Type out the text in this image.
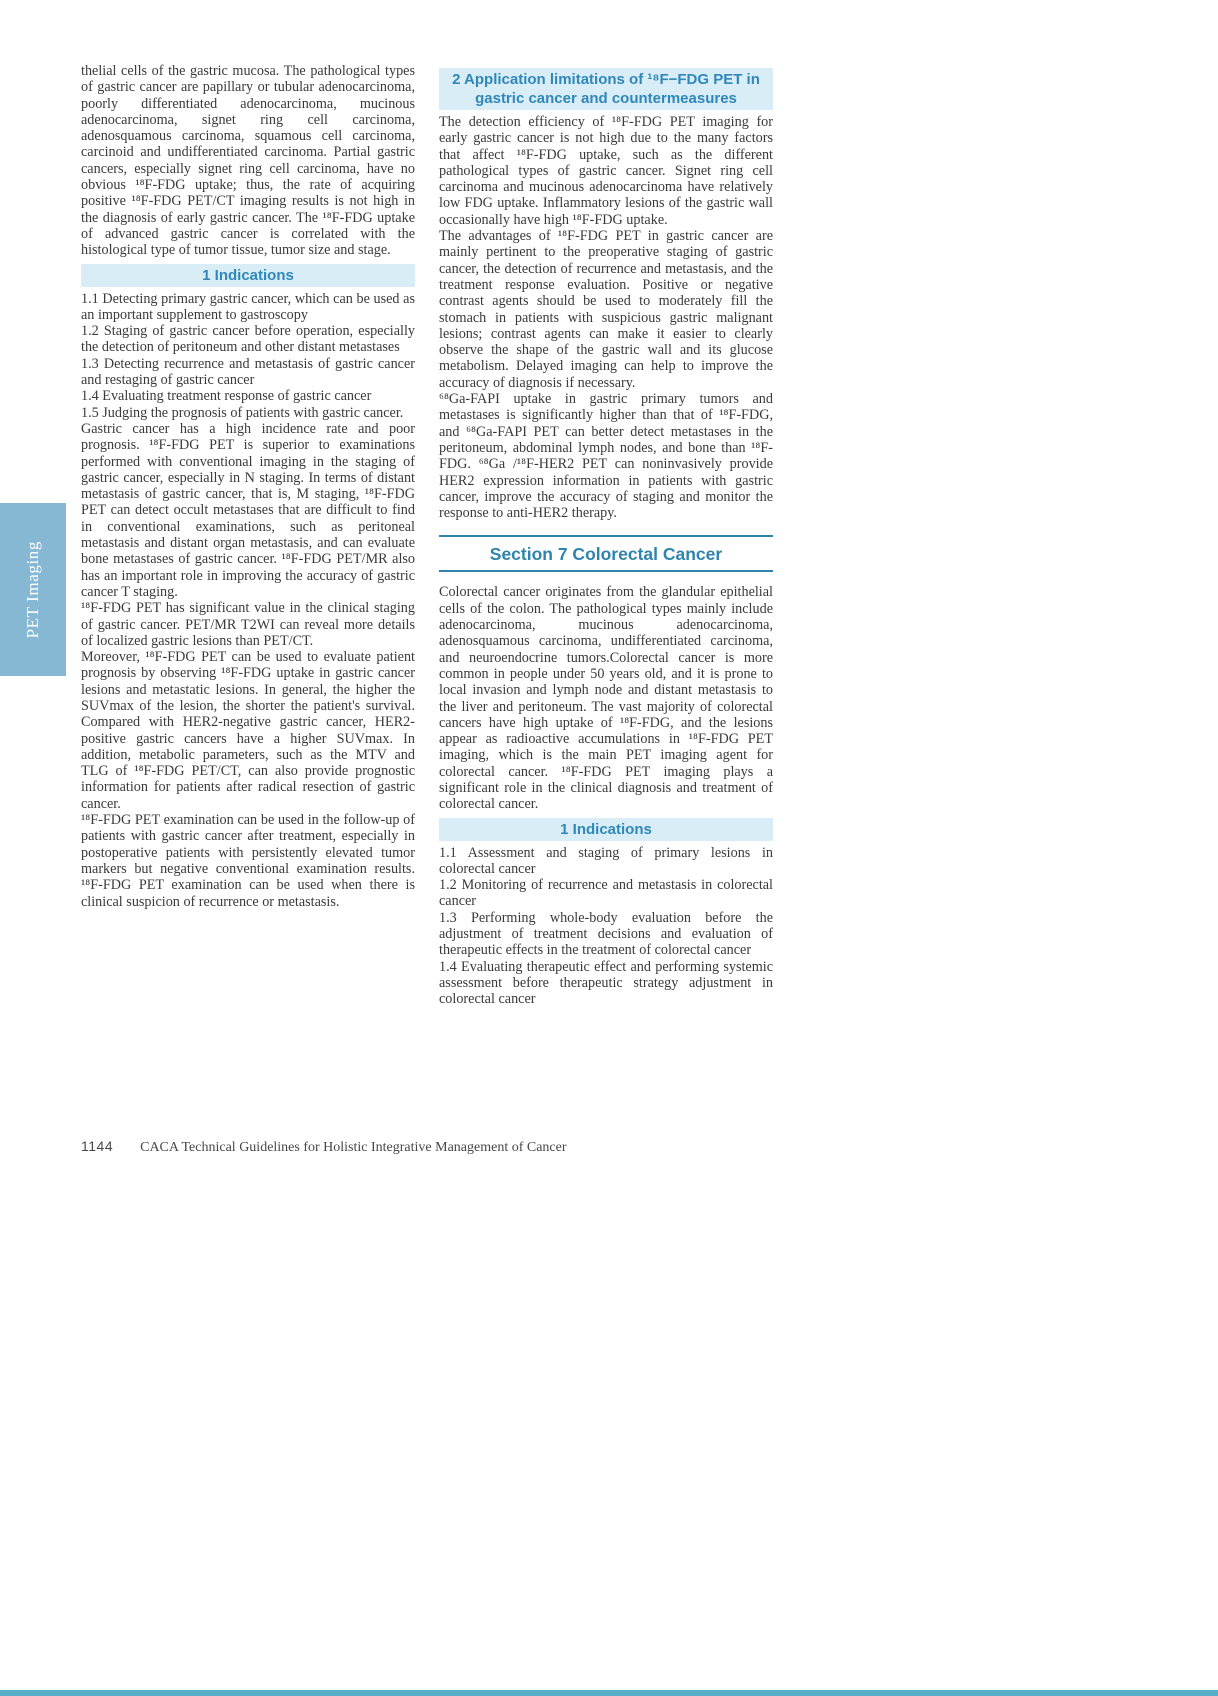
PET Imaging

thelial cells of the gastric mucosa. The pathological types of gastric cancer are papillary or tubular adenocarcinoma, poorly differentiated adenocarcinoma, mucinous adenocarcinoma, signet ring cell carcinoma, adenosquamous carcinoma, squamous cell carcinoma, carcinoid and undifferentiated carcinoma. Partial gastric cancers, especially signet ring cell carcinoma, have no obvious ¹⁸F-FDG uptake; thus, the rate of acquiring positive ¹⁸F-FDG PET/CT imaging results is not high in the diagnosis of early gastric cancer. The ¹⁸F-FDG uptake of advanced gastric cancer is correlated with the histological type of tumor tissue, tumor size and stage.

1 Indications

1.1 Detecting primary gastric cancer, which can be used as an important supplement to gastroscopy

1.2 Staging of gastric cancer before operation, especially the detection of peritoneum and other distant metastases

1.3 Detecting recurrence and metastasis of gastric cancer and restaging of gastric cancer

1.4 Evaluating treatment response of gastric cancer

1.5 Judging the prognosis of patients with gastric cancer.

Gastric cancer has a high incidence rate and poor prognosis. ¹⁸F-FDG PET is superior to examinations performed with conventional imaging in the staging of gastric cancer, especially in N staging. In terms of distant metastasis of gastric cancer, that is, M staging, ¹⁸F-FDG PET can detect occult metastases that are difficult to find in conventional examinations, such as peritoneal metastasis and distant organ metastasis, and can evaluate bone metastases of gastric cancer. ¹⁸F-FDG PET/MR also has an important role in improving the accuracy of gastric cancer T staging.

¹⁸F-FDG PET has significant value in the clinical staging of gastric cancer. PET/MR T2WI can reveal more details of localized gastric lesions than PET/CT.

Moreover, ¹⁸F-FDG PET can be used to evaluate patient prognosis by observing ¹⁸F-FDG uptake in gastric cancer lesions and metastatic lesions. In general, the higher the SUVmax of the lesion, the shorter the patient's survival. Compared with HER2-negative gastric cancer, HER2-positive gastric cancers have a higher SUVmax. In addition, metabolic parameters, such as the MTV and TLG of ¹⁸F-FDG PET/CT, can also provide prognostic information for patients after radical resection of gastric cancer.

¹⁸F-FDG PET examination can be used in the follow-up of patients with gastric cancer after treatment, especially in postoperative patients with persistently elevated tumor markers but negative conventional examination results. ¹⁸F-FDG PET examination can be used when there is clinical suspicion of recurrence or metastasis.

2 Application limitations of ¹⁸F−FDG PET in gastric cancer and countermeasures

The detection efficiency of ¹⁸F-FDG PET imaging for early gastric cancer is not high due to the many factors that affect ¹⁸F-FDG uptake, such as the different pathological types of gastric cancer. Signet ring cell carcinoma and mucinous adenocarcinoma have relatively low FDG uptake. Inflammatory lesions of the gastric wall occasionally have high ¹⁸F-FDG uptake.

The advantages of ¹⁸F-FDG PET in gastric cancer are mainly pertinent to the preoperative staging of gastric cancer, the detection of recurrence and metastasis, and the treatment response evaluation. Positive or negative contrast agents should be used to moderately fill the stomach in patients with suspicious gastric malignant lesions; contrast agents can make it easier to clearly observe the shape of the gastric wall and its glucose metabolism. Delayed imaging can help to improve the accuracy of diagnosis if necessary.

⁶⁸Ga-FAPI uptake in gastric primary tumors and metastases is significantly higher than that of ¹⁸F-FDG, and ⁶⁸Ga-FAPI PET can better detect metastases in the peritoneum, abdominal lymph nodes, and bone than ¹⁸F-FDG. ⁶⁸Ga /¹⁸F-HER2 PET can noninvasively provide HER2 expression information in patients with gastric cancer, improve the accuracy of staging and monitor the response to anti-HER2 therapy.

Section 7 Colorectal Cancer

Colorectal cancer originates from the glandular epithelial cells of the colon. The pathological types mainly include adenocarcinoma, mucinous adenocarcinoma, adenosquamous carcinoma, undifferentiated carcinoma, and neuroendocrine tumors.Colorectal cancer is more common in people under 50 years old, and it is prone to local invasion and lymph node and distant metastasis to the liver and peritoneum. The vast majority of colorectal cancers have high uptake of ¹⁸F-FDG, and the lesions appear as radioactive accumulations in ¹⁸F-FDG PET imaging, which is the main PET imaging agent for colorectal cancer. ¹⁸F-FDG PET imaging plays a significant role in the clinical diagnosis and treatment of colorectal cancer.

1 Indications

1.1 Assessment and staging of primary lesions in colorectal cancer

1.2 Monitoring of recurrence and metastasis in colorectal cancer

1.3 Performing whole-body evaluation before the adjustment of treatment decisions and evaluation of therapeutic effects in the treatment of colorectal cancer

1.4 Evaluating therapeutic effect and performing systemic assessment before therapeutic strategy adjustment in colorectal cancer

1144 CACA Technical Guidelines for Holistic Integrative Management of Cancer
